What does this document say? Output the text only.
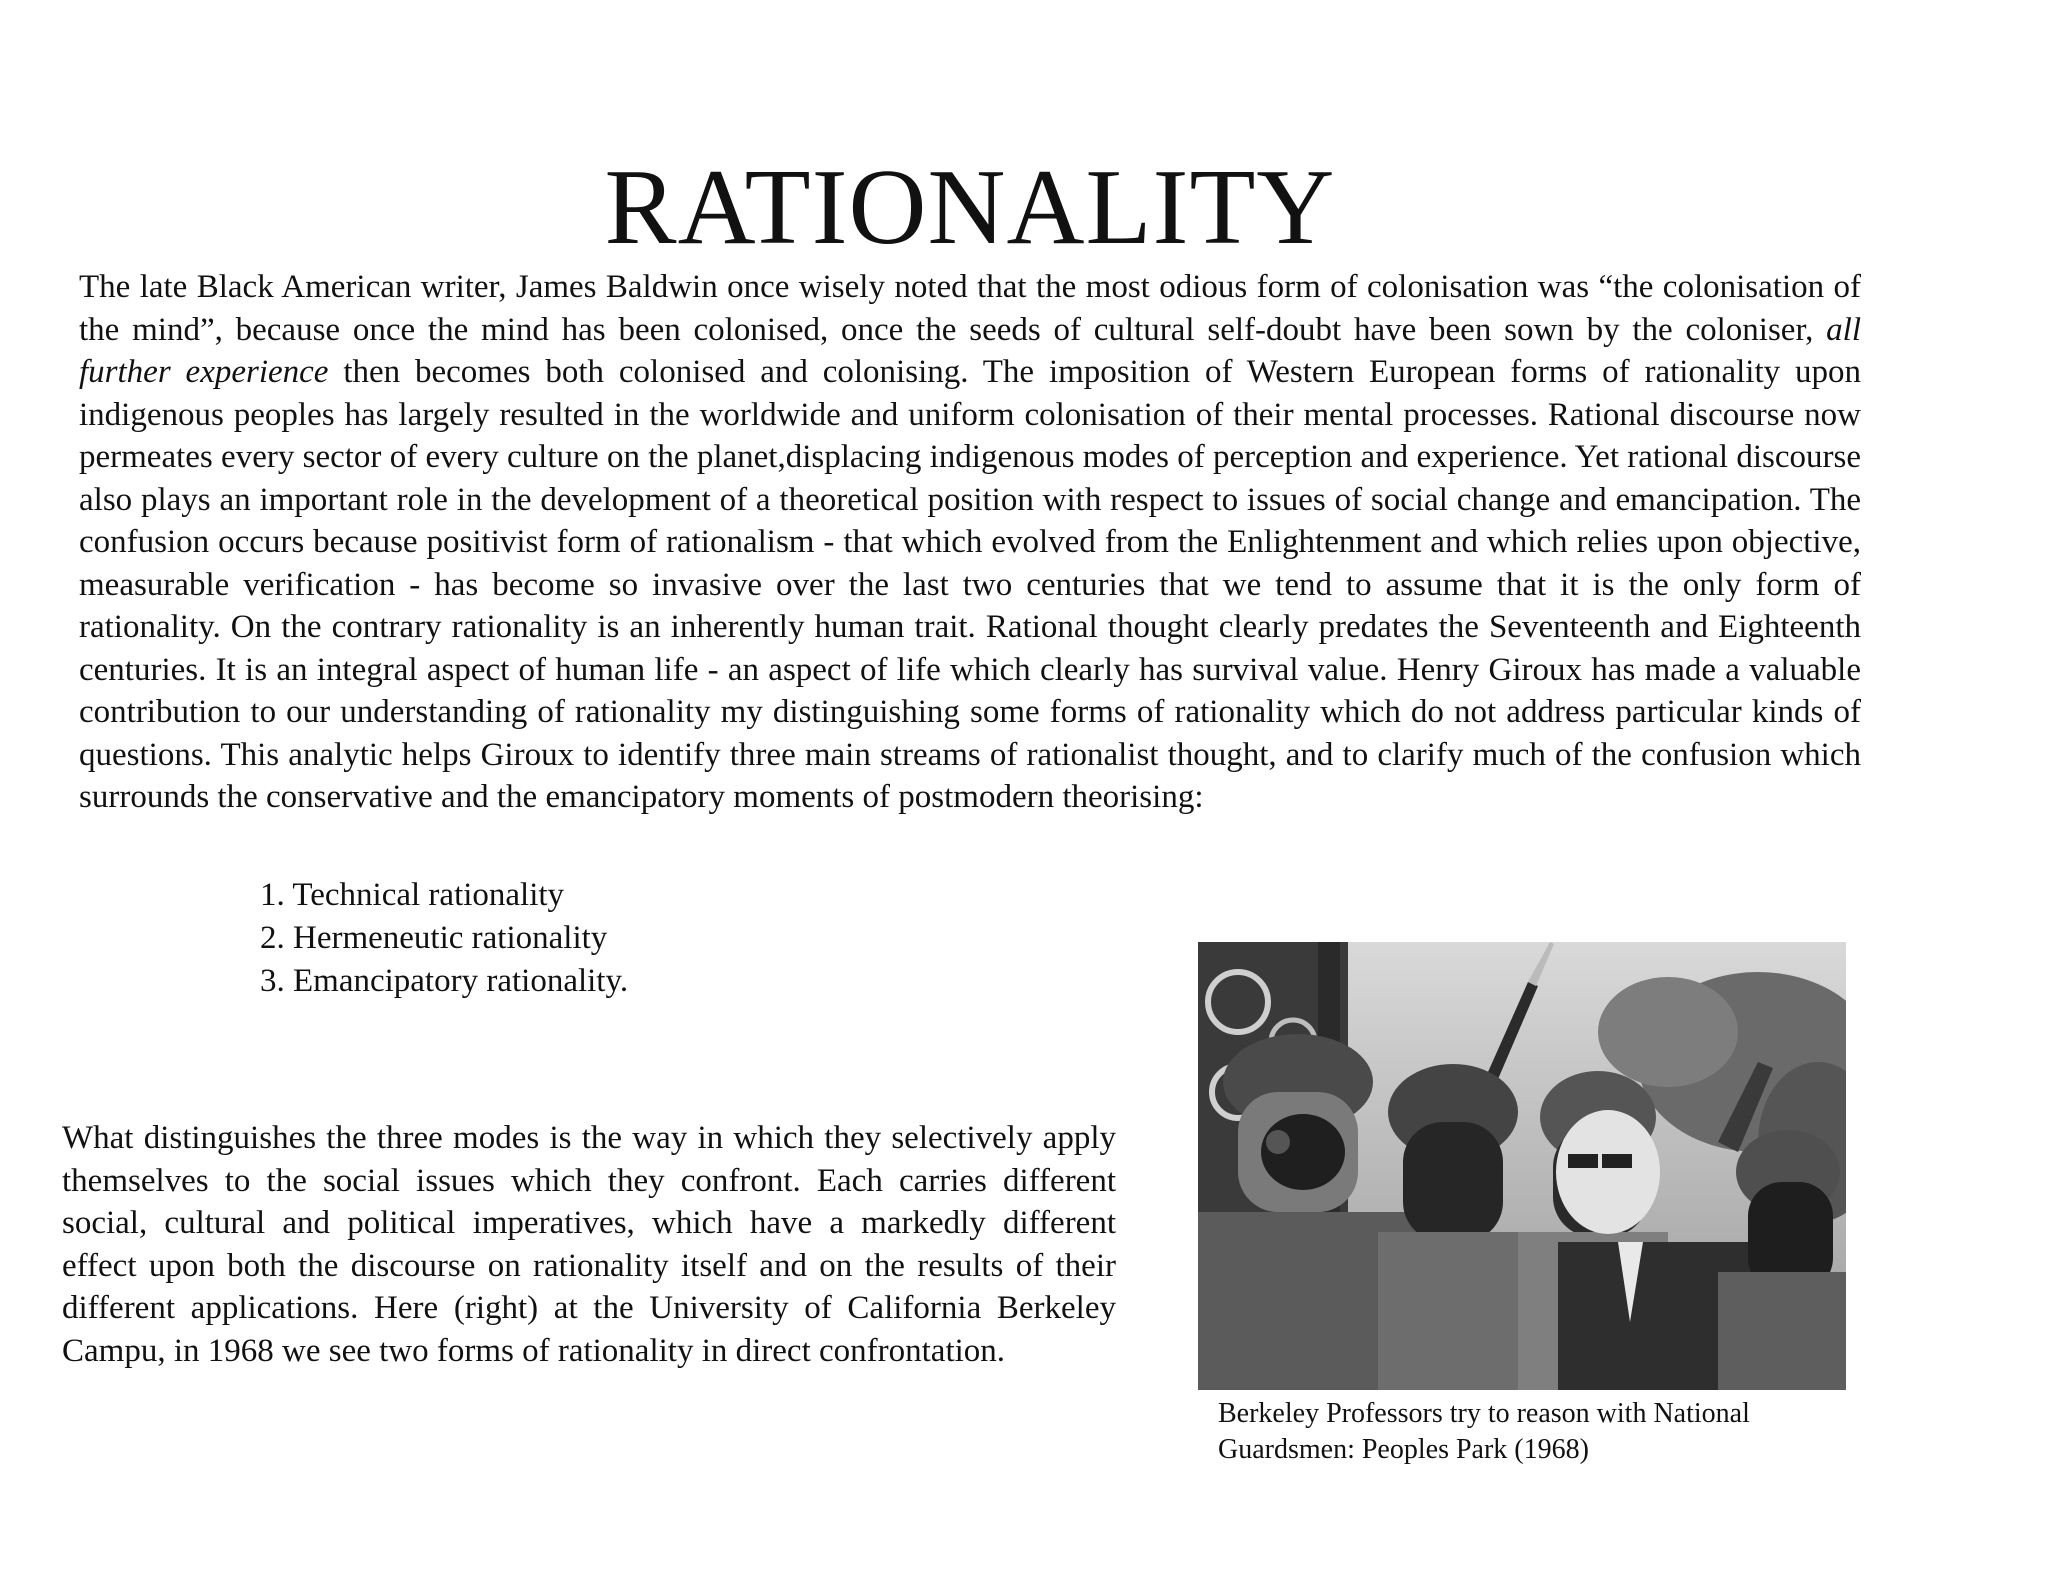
RATIONALITY

The late Black American writer, James Baldwin once wisely noted that the most odious form of colonisation was “the colonisation of the mind”, because once the mind has been colonised, once the seeds of cultural self-doubt have been sown by the coloniser, all further experience then becomes both colonised and colonising. The imposition of Western European forms of rationality upon indigenous peoples has largely resulted in the worldwide and uniform colonisation of their mental processes. Rational discourse now permeates every sector of every culture on the planet,displacing indigenous modes of perception and experience. Yet rational discourse also plays an important role in the development of a theoretical position with respect to issues of social change and emancipation. The confusion occurs because positivist form of rationalism - that which evolved from the Enlightenment and which relies upon objective, measurable verification - has become so invasive over the last two centuries that we tend to assume that it is the only form of rationality. On the contrary rationality is an inherently human trait. Rational thought clearly predates the Seventeenth and Eighteenth centuries. It is an integral aspect of human life - an aspect of life which clearly has survival value. Henry Giroux has made a valuable contribution to our understanding of rationality my distinguishing some forms of rationality which do not address particular kinds of questions. This analytic helps Giroux to identify three main streams of rationalist thought, and to clarify much of the confusion which surrounds the conservative and the emancipatory moments of postmodern theorising:

1. Technical rationality
2. Hermeneutic rationality
3. Emancipatory rationality.

What distinguishes the three modes is the way in which they selectively apply themselves to the social issues which they confront. Each carries different social, cultural and political imperatives, which have a markedly different effect upon both the discourse on rationality itself and on the results of their different applications. Here (right) at the University of California Berkeley Campu, in 1968 we see two forms of rationality in direct confrontation.

Berkeley Professors try to reason with National
Guardsmen: Peoples Park (1968)
